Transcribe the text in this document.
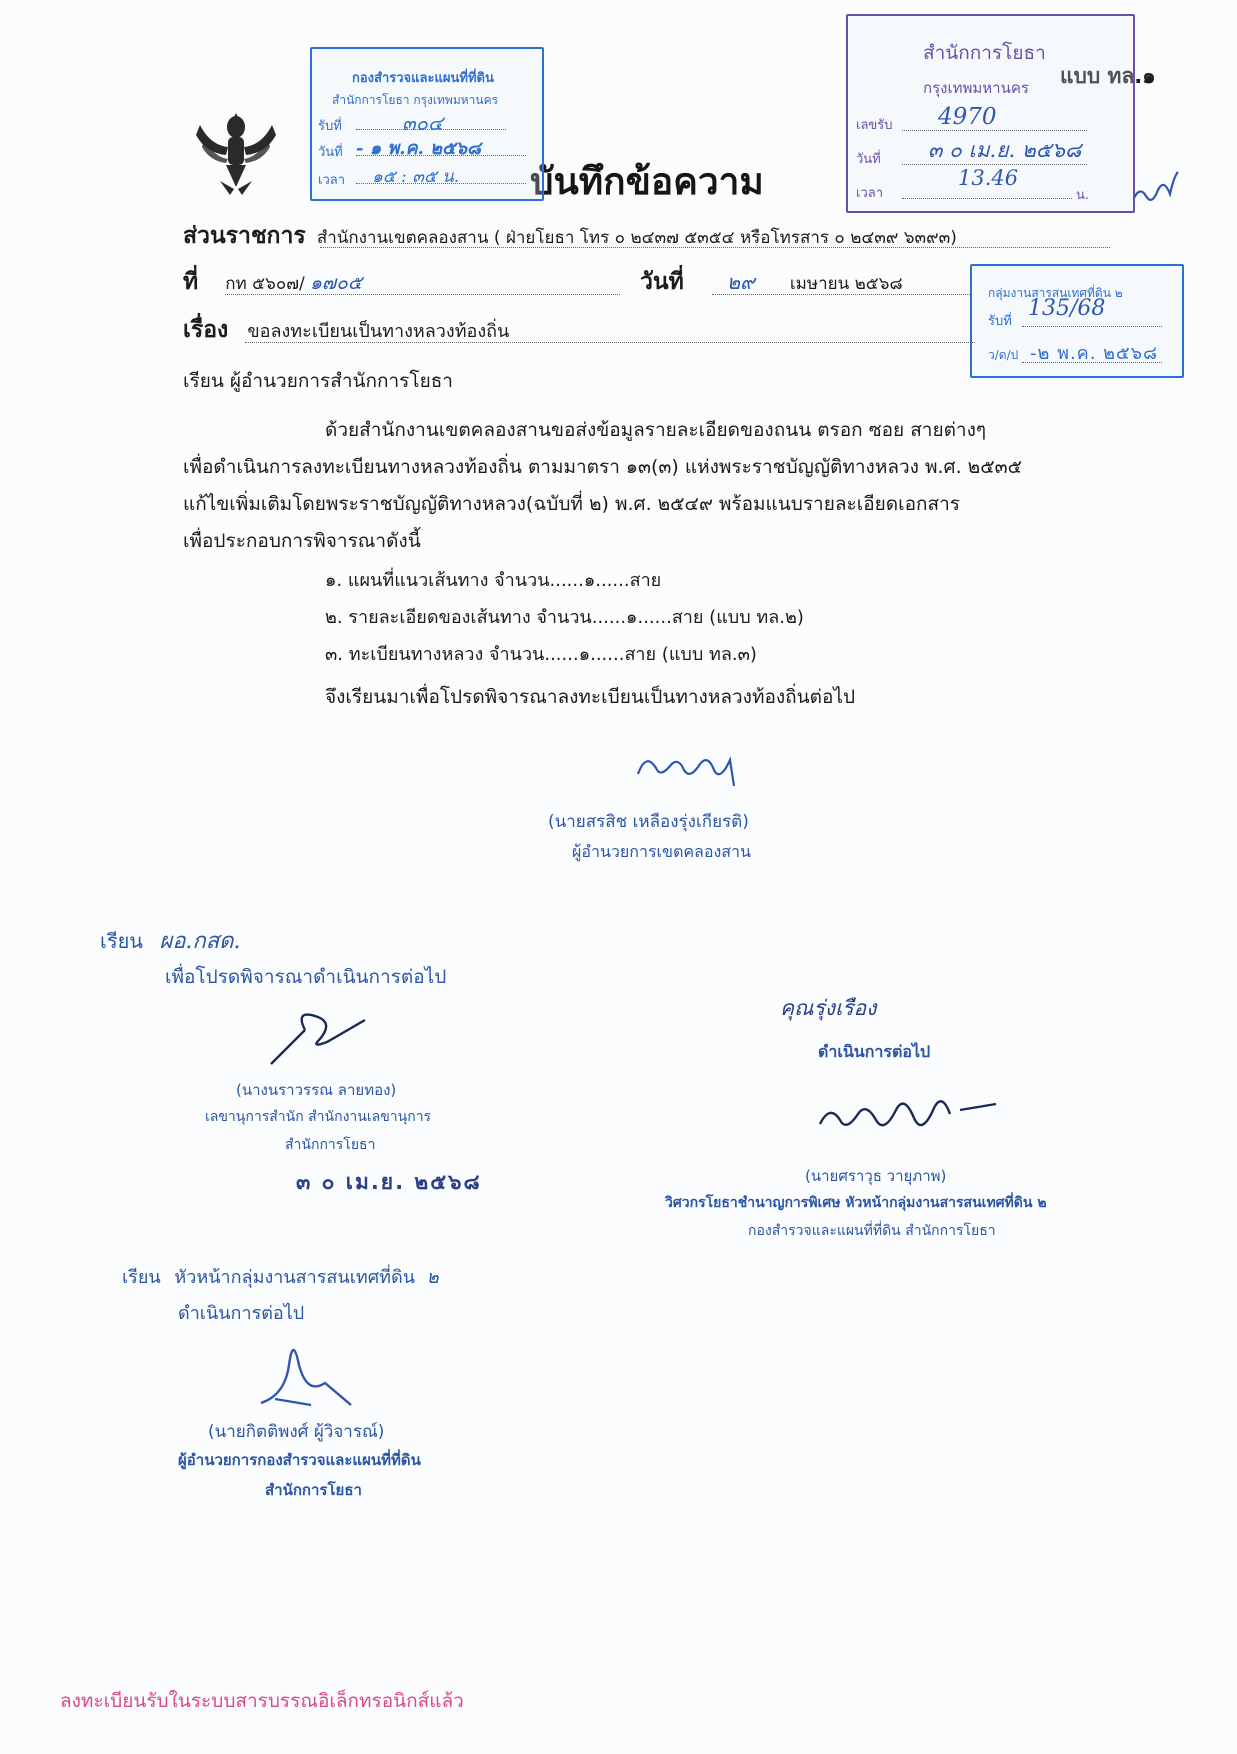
บันทึกข้อความ
แบบ ทล.๑
กองสำรวจและแผนที่ที่ดิน
สำนักการโยธา กรุงเทพมหานคร
รับที่	๓๐๔
วันที่ - ๑ พ.ค. ๒๕๖๘
เวลา ๑๕ : ๓๕ น.
สำนักการโยธา
กรุงเทพมหานคร
เลขรับ 4970
วันที่ ๓ ๐ เม.ย. ๒๕๖๘
เวลา
13.46
น.
กลุ่มงานสารสนเทศที่ดิน ๒
รับที่
135/68
ว/ด/ป -๒ พ.ค. ๒๕๖๘
ส่วนราชการ สำนักงานเขตคลองสาน ( ฝ่ายโยธา โทร ๐ ๒๔๓๗ ๕๓๕๔ หรือโทรสาร ๐ ๒๔๓๙ ๖๓๙๓)
ที่ กท ๕๖๐๗/ ๑๗๐๕	วันที่ ๒๙ เมษายน ๒๕๖๘
เรื่อง ขอลงทะเบียนเป็นทางหลวงท้องถิ่น
เรียน ผู้อำนวยการสำนักการโยธา
ด้วยสำนักงานเขตคลองสานขอส่งข้อมูลรายละเอียดของถนน ตรอก ซอย สายต่างๆ
เพื่อดำเนินการลงทะเบียนทางหลวงท้องถิ่น ตามมาตรา ๑๓(๓) แห่งพระราชบัญญัติทางหลวง พ.ศ. ๒๕๓๕
แก้ไขเพิ่มเติมโดยพระราชบัญญัติทางหลวง(ฉบับที่ ๒) พ.ศ. ๒๕๔๙ พร้อมแนบรายละเอียดเอกสาร
เพื่อประกอบการพิจารณาดังนี้
๑. แผนที่แนวเส้นทาง จำนวน......๑......สาย
๒. รายละเอียดของเส้นทาง จำนวน......๑......สาย (แบบ ทล.๒)
๓. ทะเบียนทางหลวง จำนวน......๑......สาย (แบบ ทล.๓)
จึงเรียนมาเพื่อโปรดพิจารณาลงทะเบียนเป็นทางหลวงท้องถิ่นต่อไป
(นายสรสิช เหลืองรุ่งเกียรติ)
ผู้อำนวยการเขตคลองสาน
เรียน ผอ.กสด.
เพื่อโปรดพิจารณาดำเนินการต่อไป
(นางนราวรรณ ลายทอง)
เลขานุการสำนัก สำนักงานเลขานุการ
สำนักการโยธา
๓ ๐ เม.ย. ๒๕๖๘
คุณรุ่งเรือง
ดำเนินการต่อไป
(นายศราวุธ วายุภาพ)
วิศวกรโยธาชำนาญการพิเศษ หัวหน้ากลุ่มงานสารสนเทศที่ดิน ๒
กองสำรวจและแผนที่ที่ดิน สำนักการโยธา
เรียน หัวหน้ากลุ่มงานสารสนเทศที่ดิน ๒
ดำเนินการต่อไป
(นายกิตติพงศ์ ผู้วิจารณ์)
ผู้อำนวยการกองสำรวจและแผนที่ที่ดิน
สำนักการโยธา
ลงทะเบียนรับในระบบสารบรรณอิเล็กทรอนิกส์แล้ว
